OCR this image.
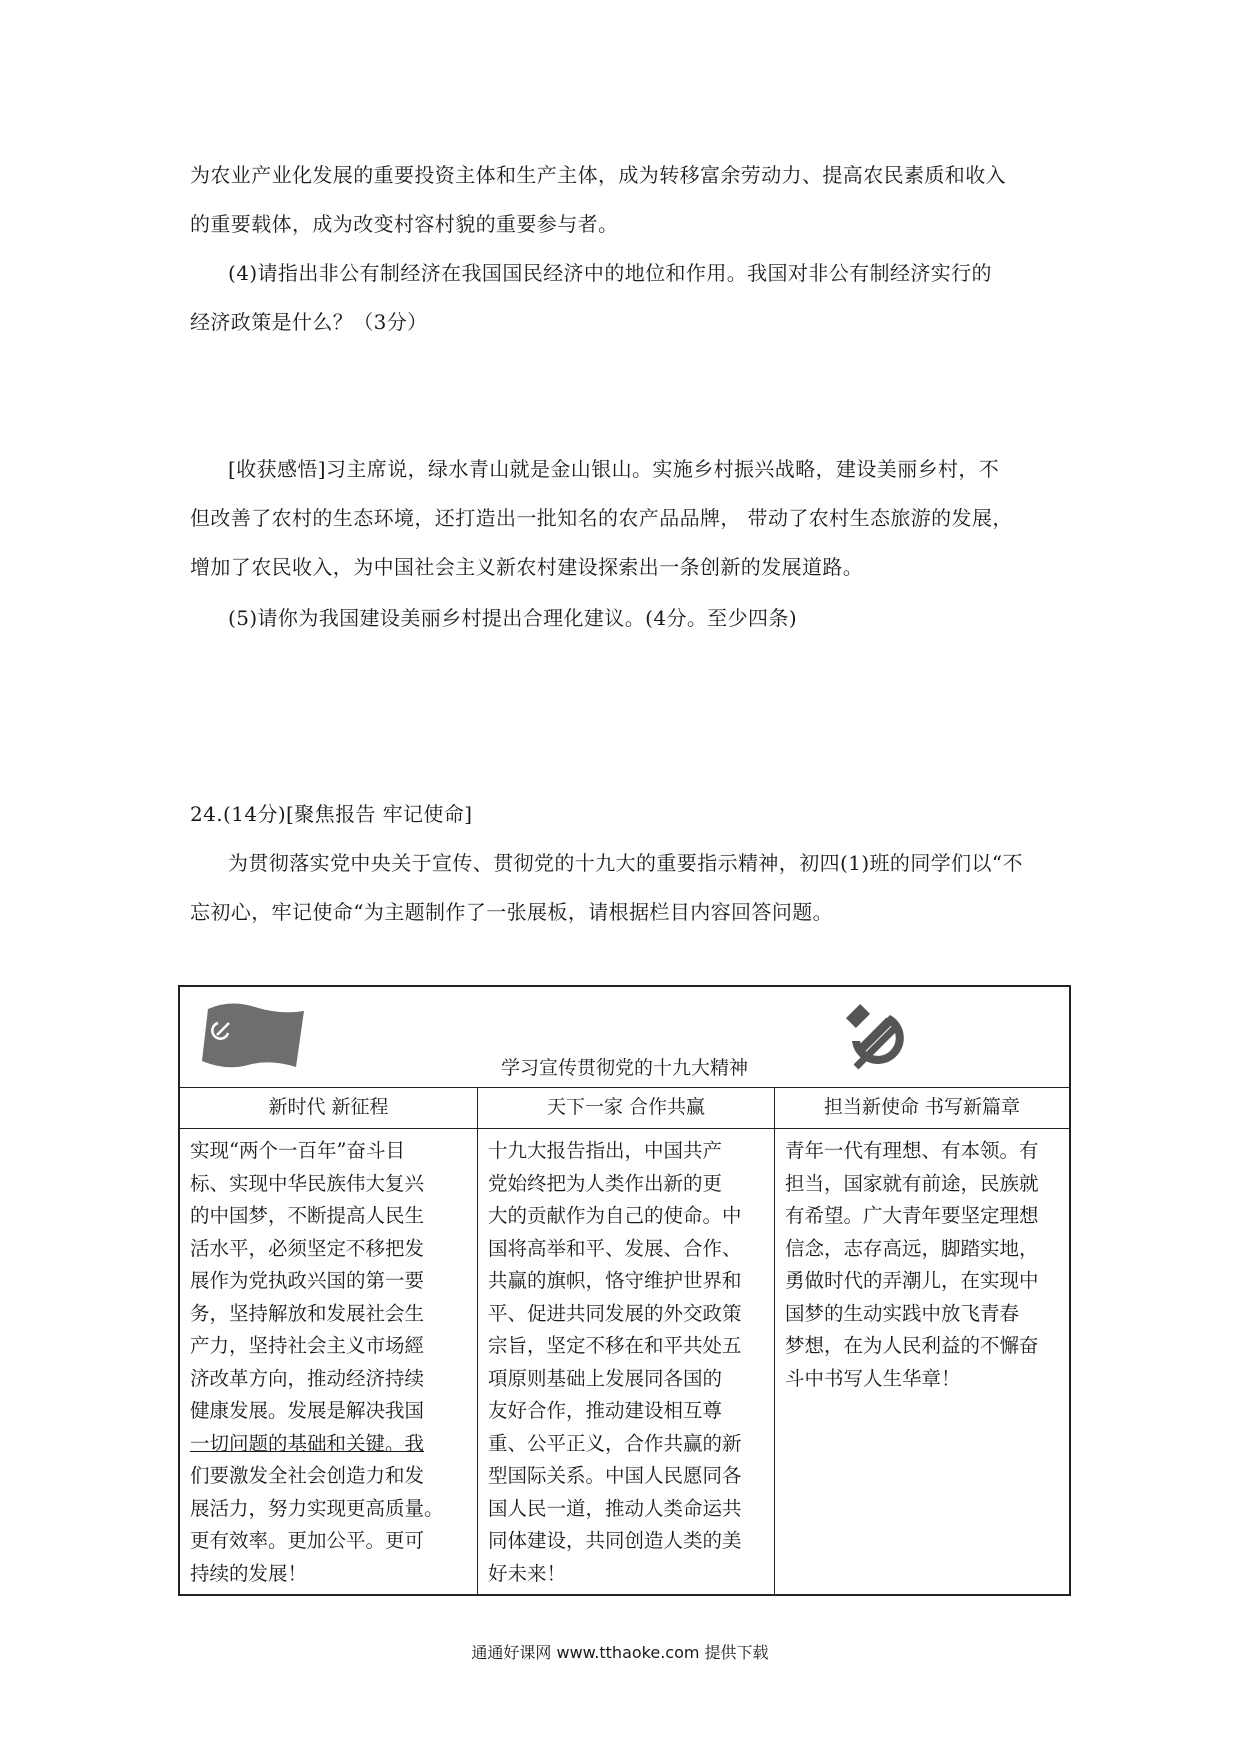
为农业产业化发展的重要投资主体和生产主体，成为转移富余劳动力、提高农民素质和收入
的重要载体，成为改变村容村貌的重要参与者。
(4)请指出非公有制经济在我国国民经济中的地位和作用。我国对非公有制经济实行的
经济政策是什么？（3分）
[收获感悟]习主席说，绿水青山就是金山银山。实施乡村振兴战略，建设美丽乡村，不
但改善了农村的生态环境，还打造出一批知名的农产品品牌， 带动了农村生态旅游的发展，
增加了农民收入，为中国社会主义新农村建设探索出一条创新的发展道路。
(5)请你为我国建设美丽乡村提出合理化建议。(4分。至少四条)
24.(14分)[聚焦报告 牢记使命]
为贯彻落实党中央关于宣传、贯彻党的十九大的重要指示精神，初四(1)班的同学们以“不
忘初心，牢记使命“为主题制作了一张展板，请根据栏目内容回答问题。
学习宣传贯彻党的十九大精神
新时代 新征程
实现“两个一百年”奋斗目
标、实现中华民族伟大复兴
的中国梦，不断提高人民生
活水平，必须坚定不移把发
展作为党执政兴国的第一要
务，坚持解放和发展社会生
产力，坚持社会主义市场經
济改革方向，推动经济持续
健康发展。发展是解决我国
一切问题的基础和关键。我
们要激发全社会创造力和发
展活力，努力实现更高质量。
更有效率。更加公平。更可
持续的发展！
天下一家 合作共赢
十九大报告指出，中国共产
党始终把为人类作出新的更
大的贡献作为自己的使命。中
国将高举和平、发展、合作、
共赢的旗帜，恪守维护世界和
平、促进共同发展的外交政策
宗旨，坚定不移在和平共处五
項原则基础上发展同各国的
友好合作，推动建设相互尊
重、公平正义，合作共赢的新
型国际关系。中国人民愿同各
国人民一道，推动人类命运共
同体建设，共同创造人类的美
好未来！
担当新使命 书写新篇章
青年一代有理想、有本领。有
担当，国家就有前途，民族就
有希望。广大青年要坚定理想
信念，志存高远，脚踏实地，
勇做时代的弄潮儿，在实现中
国梦的生动实践中放飞青春
梦想，在为人民利益的不懈奋
斗中书写人生华章！
通通好课网 www.tthaoke.com 提供下载
